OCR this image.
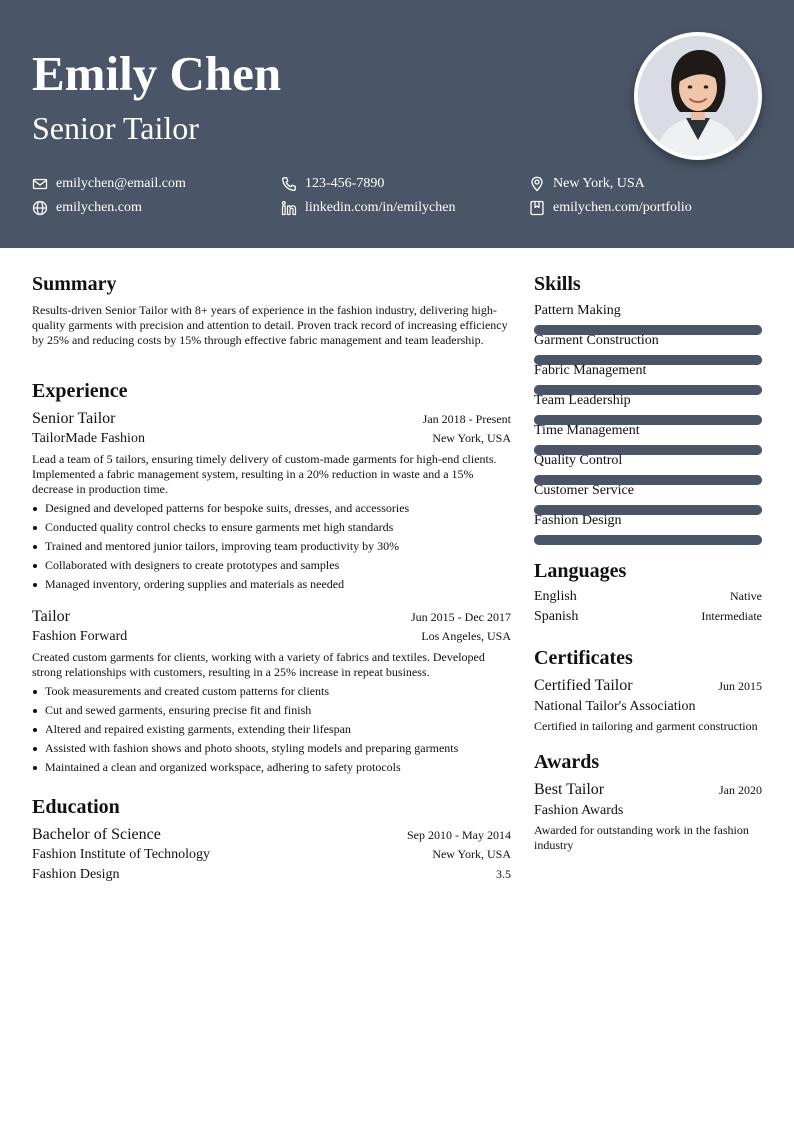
Emily Chen
Senior Tailor
emilychen@email.com	123-456-7890	New York, USA
emilychen.com	linkedin.com/in/emilychen	emilychen.com/portfolio
Summary
Results-driven Senior Tailor with 8+ years of experience in the fashion industry, delivering high-quality garments with precision and attention to detail. Proven track record of increasing efficiency by 25% and reducing costs by 15% through effective fabric management and team leadership.
Experience
Senior Tailor	Jan 2018 - Present
TailorMade Fashion	New York, USA
Lead a team of 5 tailors, ensuring timely delivery of custom-made garments for high-end clients. Implemented a fabric management system, resulting in a 20% reduction in waste and a 15% decrease in production time.
Designed and developed patterns for bespoke suits, dresses, and accessories
Conducted quality control checks to ensure garments met high standards
Trained and mentored junior tailors, improving team productivity by 30%
Collaborated with designers to create prototypes and samples
Managed inventory, ordering supplies and materials as needed
Tailor	Jun 2015 - Dec 2017
Fashion Forward	Los Angeles, USA
Created custom garments for clients, working with a variety of fabrics and textiles. Developed strong relationships with customers, resulting in a 25% increase in repeat business.
Took measurements and created custom patterns for clients
Cut and sewed garments, ensuring precise fit and finish
Altered and repaired existing garments, extending their lifespan
Assisted with fashion shows and photo shoots, styling models and preparing garments
Maintained a clean and organized workspace, adhering to safety protocols
Education
Bachelor of Science	Sep 2010 - May 2014
Fashion Institute of Technology	New York, USA
Fashion Design	3.5
Skills
Pattern Making
Garment Construction
Fabric Management
Team Leadership
Time Management
Quality Control
Customer Service
Fashion Design
Languages
English	Native
Spanish	Intermediate
Certificates
Certified Tailor	Jun 2015
National Tailor's Association
Certified in tailoring and garment construction
Awards
Best Tailor	Jan 2020
Fashion Awards
Awarded for outstanding work in the fashion industry
